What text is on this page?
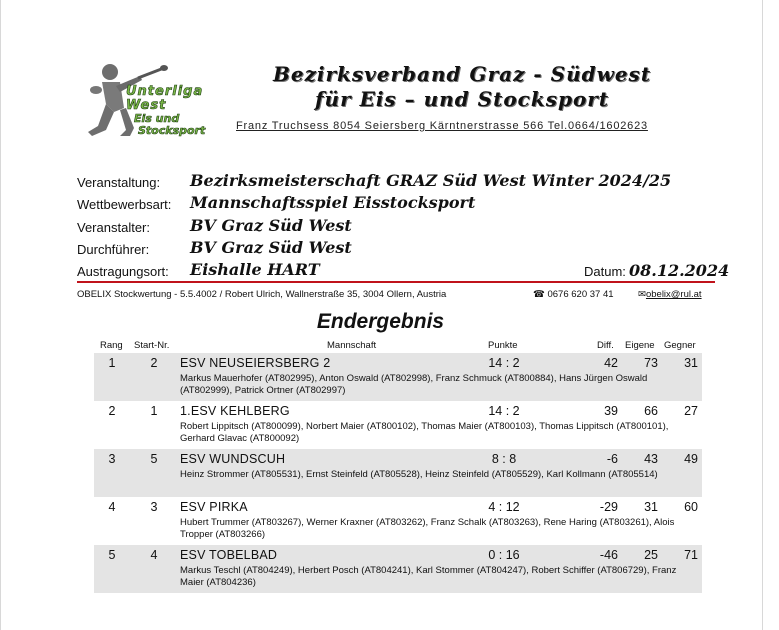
Unterliga
West
Eis und
Stocksport
Bezirksverband Graz - Südwest
für Eis – und Stocksport
Franz Truchsess 8054 Seiersberg Kärntnerstrasse 566 Tel.0664/1602623
Veranstaltung: Bezirksmeisterschaft GRAZ Süd West Winter 2024/25
Wettbewerbsart: Mannschaftsspiel Eisstocksport
Veranstalter:	BV Graz Süd West
Durchführer:	BV Graz Süd West
Austragungsort: Eishalle HART	Datum: 08.12.2024
OBELIX Stockwertung - 5.5.4002 / Robert Ulrich, Wallnerstraße 35, 3004 Ollern, Austria	☎ 0676 620 37 41	✉obelix@rul.at
Endergebnis
Rang Start-Nr.	Mannschaft	Punkte	Diff. Eigene Gegner
1	2	ESV NEUSEIERSBERG 2	14 : 2	42	73	31
Markus Mauerhofer (AT802995), Anton Oswald (AT802998), Franz Schmuck (AT800884), Hans Jürgen Oswald (AT802999), Patrick Ortner (AT802997)
2	1	1.ESV KEHLBERG	14 : 2	39	66	27
Robert Lippitsch (AT800099), Norbert Maier (AT800102), Thomas Maier (AT800103), Thomas Lippitsch (AT800101), Gerhard Glavac (AT800092)
3	5	ESV WUNDSCUH	8 : 8	-6	43	49
Heinz Strommer (AT805531), Ernst Steinfeld (AT805528), Heinz Steinfeld (AT805529), Karl Kollmann (AT805514)
4	3	ESV PIRKA	4 : 12	-29	31	60
Hubert Trummer (AT803267), Werner Kraxner (AT803262), Franz Schalk (AT803263), Rene Haring (AT803261), Alois Tropper (AT803266)
5	4	ESV TOBELBAD	0 : 16	-46	25	71
Markus Teschl (AT804249), Herbert Posch (AT804241), Karl Stommer (AT804247), Robert Schiffer (AT806729), Franz Maier (AT804236)
